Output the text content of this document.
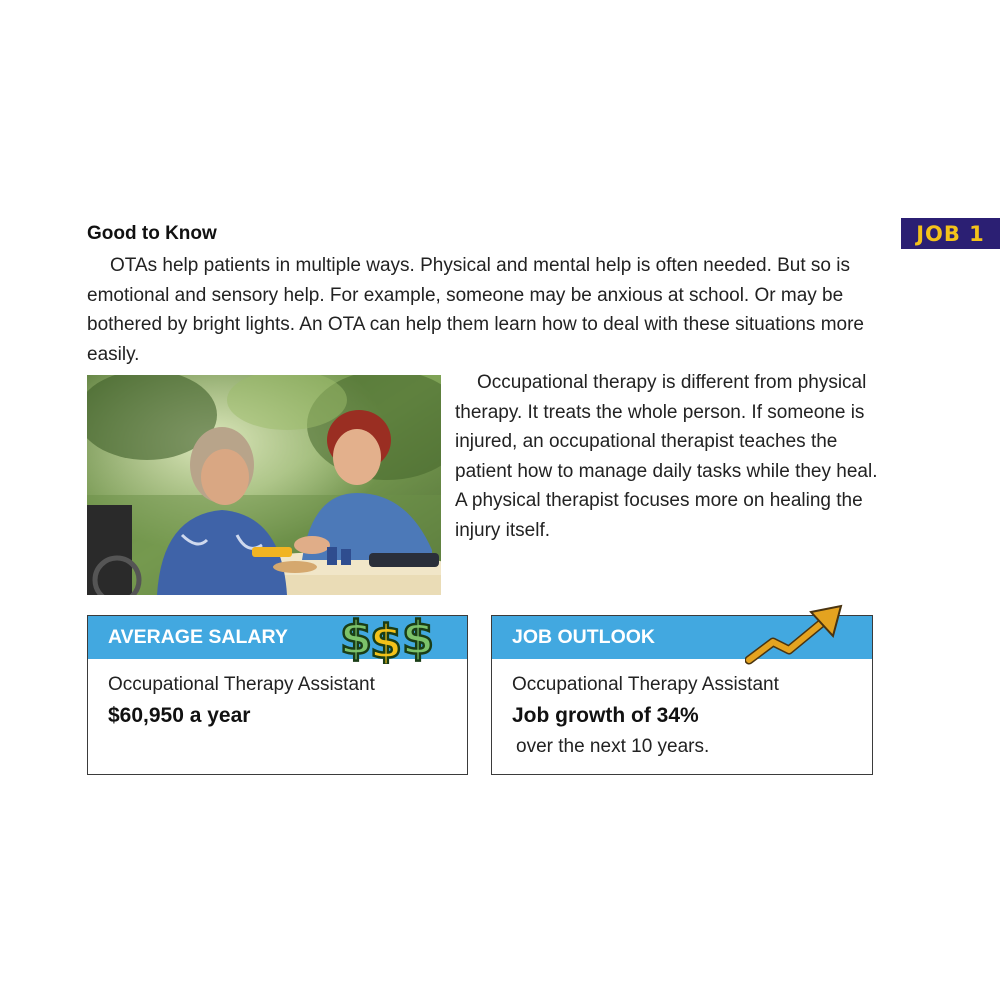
JOB 1
Good to Know

OTAs help patients in multiple ways. Physical and mental help is often needed. But so is emotional and sensory help. For example, someone may be anxious at school. Or may be bothered by bright lights. An OTA can help them learn how to deal with these situations more easily.

Occupational therapy is different from physical therapy. It treats the whole person. If someone is injured, an occupational therapist teaches the patient how to manage daily tasks while they heal. A physical therapist focuses more on healing the injury itself.

AVERAGE SALARY $ $
$
Occupational Therapy Assistant
$60,950 a year
JOB OUTLOOK
Occupational Therapy Assistant
Job growth of 34%
over the next 10 years.
